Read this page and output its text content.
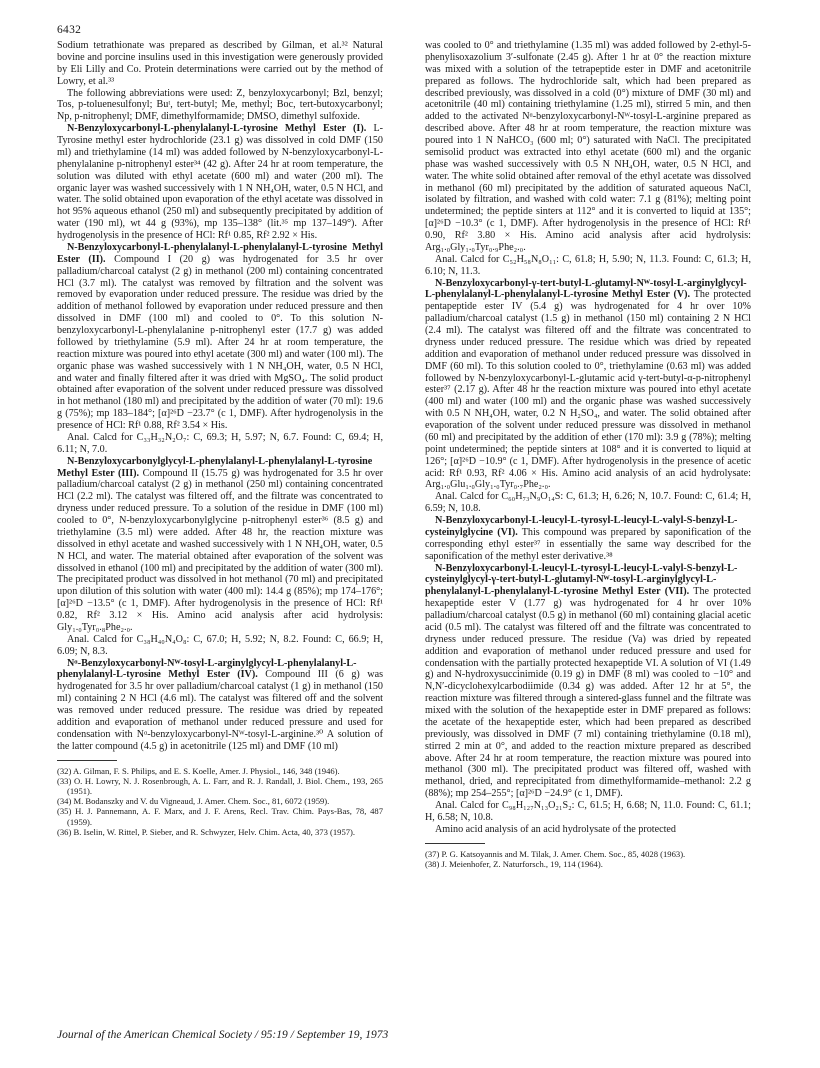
6432

Sodium tetrathionate was prepared as described by Gilman, et al.³² Natural bovine and porcine insulins used in this investigation were generously provided by Eli Lilly and Co. Protein determinations were carried out by the method of Lowry, et al.³³

The following abbreviations were used: Z, benzyloxycarbonyl; Bzl, benzyl; Tos, p-toluenesulfonyl; Buᵗ, tert-butyl; Me, methyl; Boc, tert-butoxycarbonyl; Np, p-nitrophenyl; DMF, dimethylformamide; DMSO, dimethyl sulfoxide.

N-Benzyloxycarbonyl-L-phenylalanyl-L-tyrosine Methyl Ester (I). L-Tyrosine methyl ester hydrochloride (23.1 g) was dissolved in cold DMF (150 ml) and triethylamine (14 ml) was added followed by N-benzyloxycarbonyl-L-phenylalanine p-nitrophenyl ester³⁴ (42 g). After 24 hr at room temperature, the solution was diluted with ethyl acetate (600 ml) and water (200 ml). The organic layer was washed successively with 1 N NH₄OH, water, 0.5 N HCl, and water. The solid obtained upon evaporation of the ethyl acetate was dissolved in hot 95% aqueous ethanol (250 ml) and subsequently precipitated by addition of water (190 ml), wt 44 g (93%), mp 135–138° (lit.³⁵ mp 137–149°). After hydrogenolysis in the presence of HCl: Rf¹ 0.85, Rf² 2.92 × His.

N-Benzyloxycarbonyl-L-phenylalanyl-L-phenylalanyl-L-tyrosine Methyl Ester (II). Compound I (20 g) was hydrogenated for 3.5 hr over palladium/charcoal catalyst (2 g) in methanol (200 ml) containing concentrated HCl (3.7 ml). The catalyst was removed by filtration and the solvent was removed by evaporation under reduced pressure. The residue was dried by the addition of methanol followed by evaporation under reduced pressure and then dissolved in DMF (100 ml) and cooled to 0°. To this solution N-benzyloxycarbonyl-L-phenylalanine p-nitrophenyl ester (17.7 g) was added followed by triethylamine (5.9 ml). After 24 hr at room temperature, the reaction mixture was poured into ethyl acetate (300 ml) and water (100 ml). The organic phase was washed successively with 1 N NH₄OH, water, 0.5 N HCl, and water and finally filtered after it was dried with MgSO₄. The solid product obtained after evaporation of the solvent under reduced pressure was dissolved in hot methanol (180 ml) and precipitated by the addition of water (70 ml): 19.6 g (75%); mp 183–184°; [α]²⁶D −23.7° (c 1, DMF). After hydrogenolysis in the presence of HCl: Rf¹ 0.88, Rf² 3.54 × His.

Anal. Calcd for C₃₃H₃₂N₂O₇: C, 69.3; H, 5.97; N, 6.7. Found: C, 69.4; H, 6.11; N, 7.0.

N-Benzyloxycarbonylglycyl-L-phenylalanyl-L-phenylalanyl-L-tyrosine Methyl Ester (III). Compound II (15.75 g) was hydrogenated for 3.5 hr over palladium/charcoal catalyst (2 g) in methanol (250 ml) containing concentrated HCl (2.2 ml). The catalyst was filtered off, and the filtrate was concentrated to dryness under reduced pressure. To a solution of the residue in DMF (100 ml) cooled to 0°, N-benzyloxycarbonylglycine p-nitrophenyl ester³⁶ (8.5 g) and triethylamine (3.5 ml) were added. After 48 hr, the reaction mixture was dissolved in ethyl acetate and washed successively with 1 N NH₄OH, water, 0.5 N HCl, and water. The material obtained after evaporation of the solvent was dissolved in ethanol (100 ml) and precipitated by the addition of water (300 ml). The precipitated product was dissolved in hot methanol (70 ml) and precipitated upon dilution of this solution with water (400 ml): 14.4 g (85%); mp 174–176°; [α]²⁶D −13.5° (c 1, DMF). After hydrogenolysis in the presence of HCl: Rf¹ 0.82, Rf² 3.12 × His. Amino acid analysis after acid hydrolysis: Gly₁.₀Tyr₀.₈Phe₂.₀.

Anal. Calcd for C₃₈H₄₀N₄O₈: C, 67.0; H, 5.92; N, 8.2. Found: C, 66.9; H, 6.09; N, 8.3.

Nᵅ-Benzyloxycarbonyl-Nᵂ-tosyl-L-arginylglycyl-L-phenylalanyl-L-phenylalanyl-L-tyrosine Methyl Ester (IV). Compound III (6 g) was hydrogenated for 3.5 hr over palladium/charcoal catalyst (1 g) in methanol (150 ml) containing 2 N HCl (4.6 ml). The catalyst was filtered off and the solvent was removed under reduced pressure. The residue was dried by repeated addition and evaporation of methanol under reduced pressure and used for condensation with Nᵅ-benzyloxycarbonyl-Nᵂ-tosyl-L-arginine.³⁰ A solution of the latter compound (4.5 g) in acetonitrile (125 ml) and DMF (10 ml)

(32) A. Gilman, F. S. Philips, and E. S. Koelle, Amer. J. Physiol., 146, 348 (1946).

(33) O. H. Lowry, N. J. Rosenbrough, A. L. Farr, and R. J. Randall, J. Biol. Chem., 193, 265 (1951).

(34) M. Bodanszky and V. du Vigneaud, J. Amer. Chem. Soc., 81, 6072 (1959).

(35) H. J. Pannemann, A. F. Marx, and J. F. Arens, Recl. Trav. Chim. Pays-Bas, 78, 487 (1959).

(36) B. Iselin, W. Rittel, P. Sieber, and R. Schwyzer, Helv. Chim. Acta, 40, 373 (1957).

was cooled to 0° and triethylamine (1.35 ml) was added followed by 2-ethyl-5-phenylisoxazolium 3′-sulfonate (2.45 g). After 1 hr at 0° the reaction mixture was mixed with a solution of the tetrapeptide ester in DMF and acetonitrile prepared as follows. The hydrochloride salt, which had been prepared as described previously, was dissolved in a cold (0°) mixture of DMF (30 ml) and acetonitrile (40 ml) containing triethylamine (1.25 ml), stirred 5 min, and then added to the activated Nᵅ-benzyloxycarbonyl-Nᵂ-tosyl-L-arginine prepared as described above. After 48 hr at room temperature, the reaction mixture was poured into 1 N NaHCO₃ (600 ml; 0°) saturated with NaCl. The precipitated semisolid product was extracted into ethyl acetate (600 ml) and the organic phase was washed successively with 0.5 N NH₄OH, water, 0.5 N HCl, and water. The white solid obtained after removal of the ethyl acetate was dissolved in methanol (60 ml) precipitated by the addition of saturated aqueous NaCl, isolated by filtration, and washed with cold water: 7.1 g (81%); melting point undetermined; the peptide sinters at 112° and it is converted to liquid at 135°; [α]²⁶D −10.3° (c 1, DMF). After hydrogenolysis in the presence of HCl: Rf¹ 0.90, Rf² 3.80 × His. Amino acid analysis after acid hydrolysis: Arg₁.₀Gly₁.₀Tyr₀.₉Phe₂.₀.

Anal. Calcd for C₅₂H₅₈N₈O₁₁: C, 61.8; H, 5.90; N, 11.3. Found: C, 61.3; H, 6.10; N, 11.3.

N-Benzyloxycarbonyl-γ-tert-butyl-L-glutamyl-Nᵂ-tosyl-L-arginylglycyl-L-phenylalanyl-L-phenylalanyl-L-tyrosine Methyl Ester (V). The protected pentapeptide ester IV (5.4 g) was hydrogenated for 4 hr over 10% palladium/charcoal catalyst (1.5 g) in methanol (150 ml) containing 2 N HCl (2.4 ml). The catalyst was filtered off and the filtrate was concentrated to dryness under reduced pressure. The residue which was dried by repeated addition and evaporation of methanol under reduced pressure was dissolved in DMF (60 ml). To this solution cooled to 0°, triethylamine (0.63 ml) was added followed by N-benzyloxycarbonyl-L-glutamic acid γ-tert-butyl-α-p-nitrophenyl ester³⁷ (2.17 g). After 48 hr the reaction mixture was poured into ethyl acetate (400 ml) and water (100 ml) and the organic phase was washed successively with 0.5 N NH₄OH, water, 0.2 N H₂SO₄, and water. The solid obtained after evaporation of the solvent under reduced pressure was dissolved in methanol (60 ml) and precipitated by the addition of ether (170 ml): 3.9 g (78%); melting point undetermined; the peptide sinters at 108° and it is converted to liquid at 126°; [α]²⁶D −10.9° (c 1, DMF). After hydrogenolysis in the presence of acetic acid: Rf¹ 0.93, Rf² 4.06 × His. Amino acid analysis of an acid hydrolysate: Arg₁.₀Glu₁.₀Gly₁.₀Tyr₀.₇Phe₂.₀.

Anal. Calcd for C₆₀H₇₃N₉O₁₄S: C, 61.3; H, 6.26; N, 10.7. Found: C, 61.4; H, 6.59; N, 10.8.

N-Benzyloxycarbonyl-L-leucyl-L-tyrosyl-L-leucyl-L-valyl-S-benzyl-L-cysteinylglycine (VI). This compound was prepared by saponification of the corresponding ethyl ester³⁷ in essentially the same way described for the saponification of the methyl ester derivative.³⁸

N-Benzyloxycarbonyl-L-leucyl-L-tyrosyl-L-leucyl-L-valyl-S-benzyl-L-cysteinylglycyl-γ-tert-butyl-L-glutamyl-Nᵂ-tosyl-L-arginylglycyl-L-phenylalanyl-L-phenylalanyl-L-tyrosine Methyl Ester (VII). The protected hexapeptide ester V (1.77 g) was hydrogenated for 4 hr over 10% palladium/charcoal catalyst (0.5 g) in methanol (60 ml) containing glacial acetic acid (0.5 ml). The catalyst was filtered off and the filtrate was concentrated to dryness under reduced pressure. The residue (Va) was dried by repeated addition and evaporation of methanol under reduced pressure and used for condensation with the partially protected hexapeptide VI. A solution of VI (1.49 g) and N-hydroxysuccinimide (0.19 g) in DMF (8 ml) was cooled to −10° and N,N′-dicyclohexylcarbodiimide (0.34 g) was added. After 12 hr at 5°, the reaction mixture was filtered through a sintered-glass funnel and the filtrate was mixed with the solution of the hexapeptide ester in DMF prepared as follows: the acetate of the hexapeptide ester, which had been prepared as described previously, was dissolved in DMF (7 ml) containing triethylamine (0.18 ml), stirred 2 min at 0°, and added to the reaction mixture prepared as described above. After 24 hr at room temperature, the reaction mixture was poured into methanol (300 ml). The precipitated product was filtered off, washed with methanol, dried, and reprecipitated from dimethylformamide–methanol: 2.2 g (88%); mp 254–255°; [α]²⁶D −24.9° (c 1, DMF).

Anal. Calcd for C₉₈H₁₂₇N₁₃O₂₁S₂: C, 61.5; H, 6.68; N, 11.0. Found: C, 61.1; H, 6.58; N, 10.8.

Amino acid analysis of an acid hydrolysate of the protected

(37) P. G. Katsoyannis and M. Tilak, J. Amer. Chem. Soc., 85, 4028 (1963).

(38) J. Meienhofer, Z. Naturforsch., 19, 114 (1964).

Journal of the American Chemical Society / 95:19 / September 19, 1973
